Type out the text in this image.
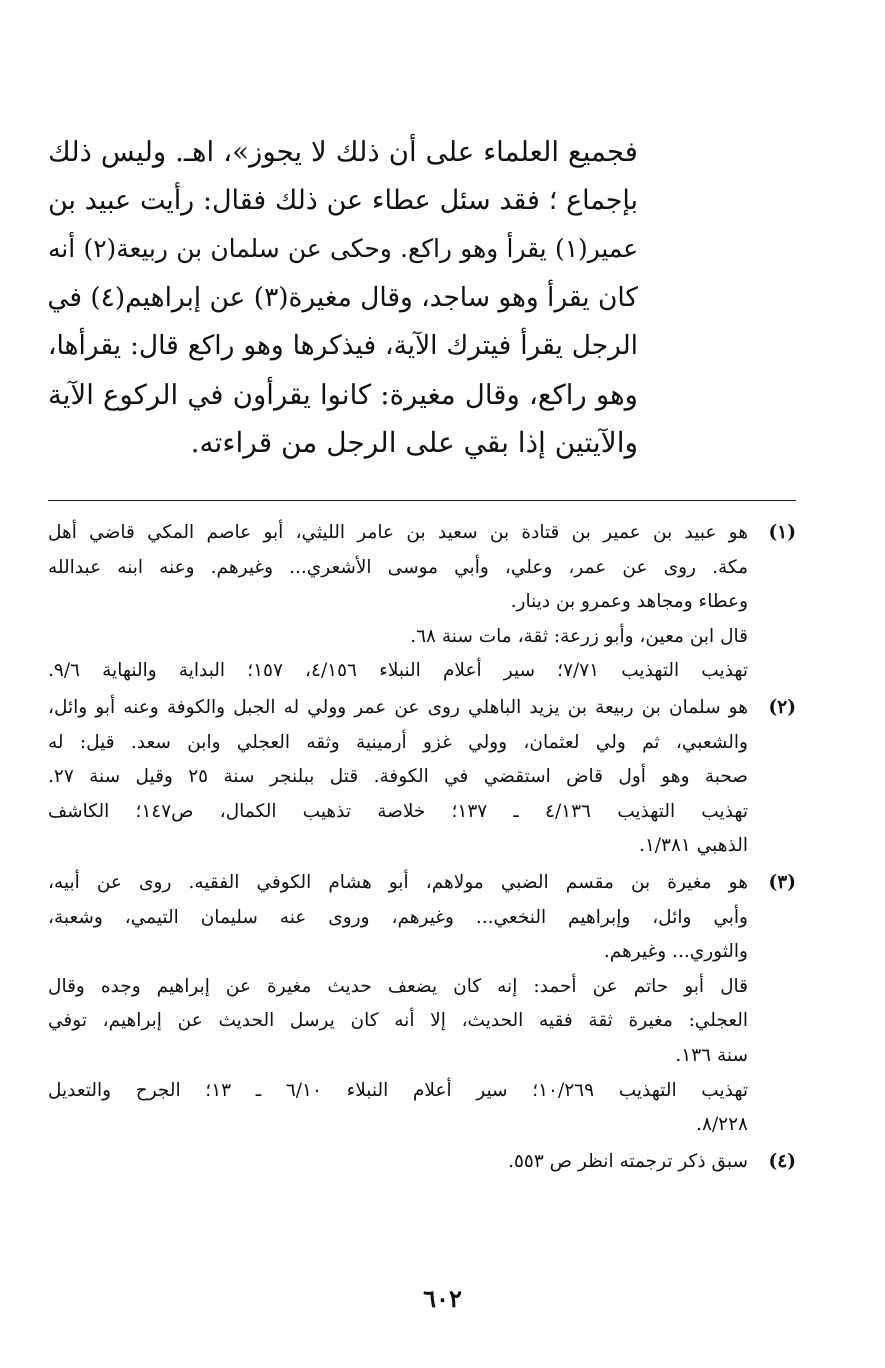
فجميع العلماء على أن ذلك لا يجوز»، اهـ. وليس ذلك
بإجماع ؛ فقد سئل عطاء عن ذلك فقال: رأيت عبيد بن
عمير(١) يقرأ وهو راكع. وحكى عن سلمان بن ربيعة(٢) أنه
كان يقرأ وهو ساجد، وقال مغيرة(٣) عن إبراهيم(٤) في
الرجل يقرأ فيترك الآية، فيذكرها وهو راكع قال: يقرأها،
وهو راكع، وقال مغيرة: كانوا يقرأون في الركوع الآية
والآيتين إذا بقي على الرجل من قراءته.
(١)
هو عبيد بن عمير بن قتادة بن سعيد بن عامر الليثي، أبو عاصم المكي قاضي أهل
مكة. روى عن عمر، وعلي، وأبي موسى الأشعري... وغيرهم. وعنه ابنه عبدالله
وعطاء ومجاهد وعمرو بن دينار.
قال ابن معين، وأبو زرعة: ثقة، مات سنة ٦٨.
تهذيب التهذيب ٧/٧١؛ سير أعلام النبلاء ٤/١٥٦، ١٥٧؛ البداية والنهاية ٩/٦.
(٢)
هو سلمان بن ربيعة بن يزيد الباهلي روى عن عمر وولي له الجبل والكوفة وعنه أبو وائل،
والشعبي، ثم ولي لعثمان، وولي غزو أرمينية وثقه العجلي وابن سعد. قيل: له
صحبة وهو أول قاض استقضي في الكوفة. قتل ببلنجر سنة ٢٥ وقيل سنة ٢٧.
تهذيب التهذيب ٤/١٣٦ ـ ١٣٧؛ خلاصة تذهيب الكمال، ص١٤٧؛ الكاشف
الذهبي ١/٣٨١.
(٣)
هو مغيرة بن مقسم الضبي مولاهم، أبو هشام الكوفي الفقيه. روى عن أبيه،
وأبي وائل، وإبراهيم النخعي... وغيرهم، وروى عنه سليمان التيمي، وشعبة،
والثوري... وغيرهم.
قال أبو حاتم عن أحمد: إنه كان يضعف حديث مغيرة عن إبراهيم وجده وقال
العجلي: مغيرة ثقة فقيه الحديث، إلا أنه كان يرسل الحديث عن إبراهيم، توفي
سنة ١٣٦.
تهذيب التهذيب ١٠/٢٦٩؛ سير أعلام النبلاء ٦/١٠ ـ ١٣؛ الجرح والتعديل
٨/٢٢٨.
(٤)
سبق ذكر ترجمته انظر ص ٥٥٣.
٦٠٢
